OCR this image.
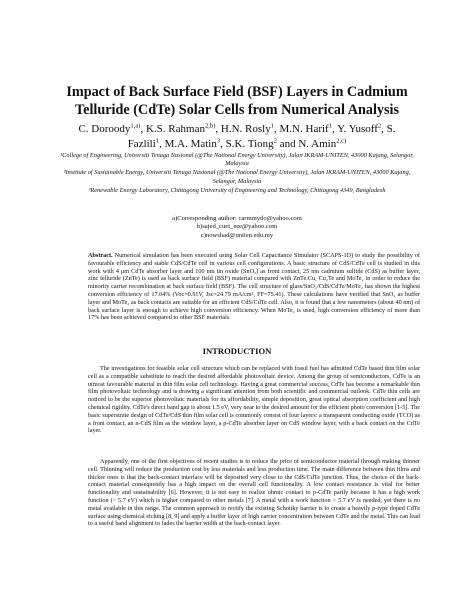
Impact of Back Surface Field (BSF) Layers in Cadmium
Telluride (CdTe) Solar Cells from Numerical Analysis
C. Doroody$^{1,a)}$, K.S. Rahman$^{2,b)}$, H.N. Rosly$^1$, M.N. Harif$^1$, Y. Yusoff$^2$, S.
Fazlili$^1$, M.A. Matin$^3$, S.K. Tiong$^2$ and N. Amin$^{2,c)}$
¹College of Engineering, Universiti Tenaga Nasional (@The National Energy University), Jalan IKRAM-UNITEN, 43000 Kajang, Selangor, Malaysia
²Institute of Sustainable Energy, Universiti Tenaga Nasional (@The National Energy University), Jalan IKRAM-UNITEN, 43000 Kajang, Selangor, Malaysia
³Renewable Energy Laboratory, Chittagong University of Engineering and Technology, Chittagong 4349, Bangladesh
a)Corresponding author: carmmydo@yahoo.com
b)sajed_cuet_eee@yahoo.com
c)nowshad@uniten.edu.my
Abstract. Numerical simulation has been executed using Solar Cell Capacitance Simulator (SCAPS-1D) to study the possibility of favourable efficiency and stable CdS/CdTe cell in various cell configurations. A basic structure of CdS/CdTe cell is studied in this work with 4 μm CdTe absorber layer and 100 nm tin oxide (SnO₂) as front contact, 25 nm cadmium sulfide (CdS) as buffer layer, zinc telluride (ZnTe) is used as back surface field (BSF) material compared with ZnTe:Cu, Cu₂Te and MoTe₂ in order to reduce the minority carrier recombination at back surface field (BSF). The cell structure of glass/SnO₂/CdS/CdTe/MoTe₂ has shown the highest conversion efficiency of 17.04% (Voc=0.91V, Jsc=24.79 mA/cm², FF=75.41). These calculations have verified that SnO₂ as buffer layer and MoTe₂ as back contacts are suitable for an efficient CdS/CdTe cell. Also, it is found that a few nanometers (about 40 nm) of back surface layer is enough to achieve high conversion efficiency. When MoTe₂ is used, high conversion efficiency of more than 17% has been achieved compared to other BSF materials.
INTRODUCTION
The investigations for feasible solar cell structure which can be replaced with fossil fuel has admitted CdTe based thin film solar cell as a compatible substitute to reach the desired affordable photovoltaic device. Among the group of semiconductors, CdTe is an utmost favourable material in thin film solar cell technology. Having a great commercial success, CdTe has become a remarkable thin film photovoltaic technology and is drawing a significant attention from both scientific and commercial outlook. CdTe thin cells are noticed to be the superior photovoltaic materials for its affordability, simple deposition, great optical absorption coefficient and high chemical rigidity. CdTe's direct band gap is about 1.5 eV, very near to the desired amount for the efficient photo conversion [1-5]. The basic superstrate design of CdTe/CdS thin film solar cell is commonly consist of four layers: a transparent conducting oxide (TCO) as a front contact, an n-CdS film as the window layer, a p-CdTe absorber layer on CdS window layer, with a back contact on the CdTe layer.
Apparently, one of the first objectives of recent studies is to reduce the price of semiconductor material through making thinner cell. Thinning will reduce the production cost by less materials and less production time. The main difference between thin films and thicker ones is that the back-contact interface will be deposited very close to the CdS/CdTe junction. Thus, the choice of the back-contact material consequently has a high impact on the overall cell functionality. A low contact resistance is vital for better functionality and sustainability [6]. However, it is not easy to realize ohmic contact to p-CdTe partly because it has a high work function (> 5.7 eV) which is higher compared to other metals [7]. A metal with a work function > 5.7 eV is needed, yet there is no metal available in this range. The common approach to rectify the existing Schottky barrier is to create a heavily p-type doped CdTe surface using chemical etching [8, 9] and apply a buffer layer of high carrier concentration between CdTe and the metal. This can lead to a useful band alignment to fades the barrier width at the back-contact layer.
